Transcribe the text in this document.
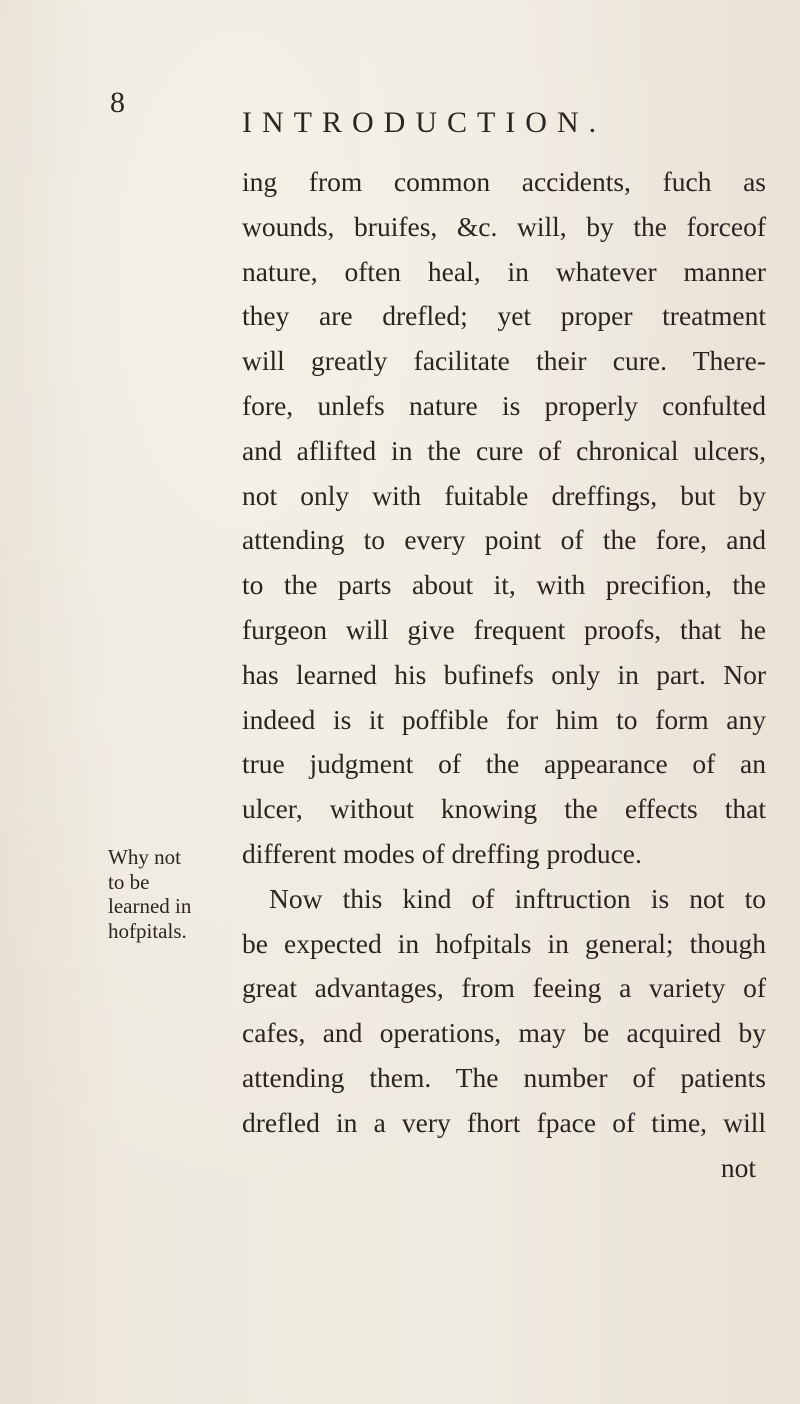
8
INTRODUCTION.
Why not
to be
learned in
hofpitals.
ing from common accidents, fuch as
wounds, bruifes, &c. will, by the forceof
nature, often heal, in whatever manner
they are drefled; yet proper treatment
will greatly facilitate their cure. There-
fore, unlefs nature is properly confulted
and aflifted in the cure of chronical ulcers,
not only with fuitable dreffings, but by
attending to every point of the fore, and
to the parts about it, with precifion, the
furgeon will give frequent proofs, that he
has learned his bufinefs only in part. Nor
indeed is it poffible for him to form any
true judgment of the appearance of an
ulcer, without knowing the effects that
different modes of dreffing produce.
Now this kind of inftruction is not to
be expected in hofpitals in general; though
great advantages, from feeing a variety of
cafes, and operations, may be acquired by
attending them. The number of patients
drefled in a very fhort fpace of time, will
not
